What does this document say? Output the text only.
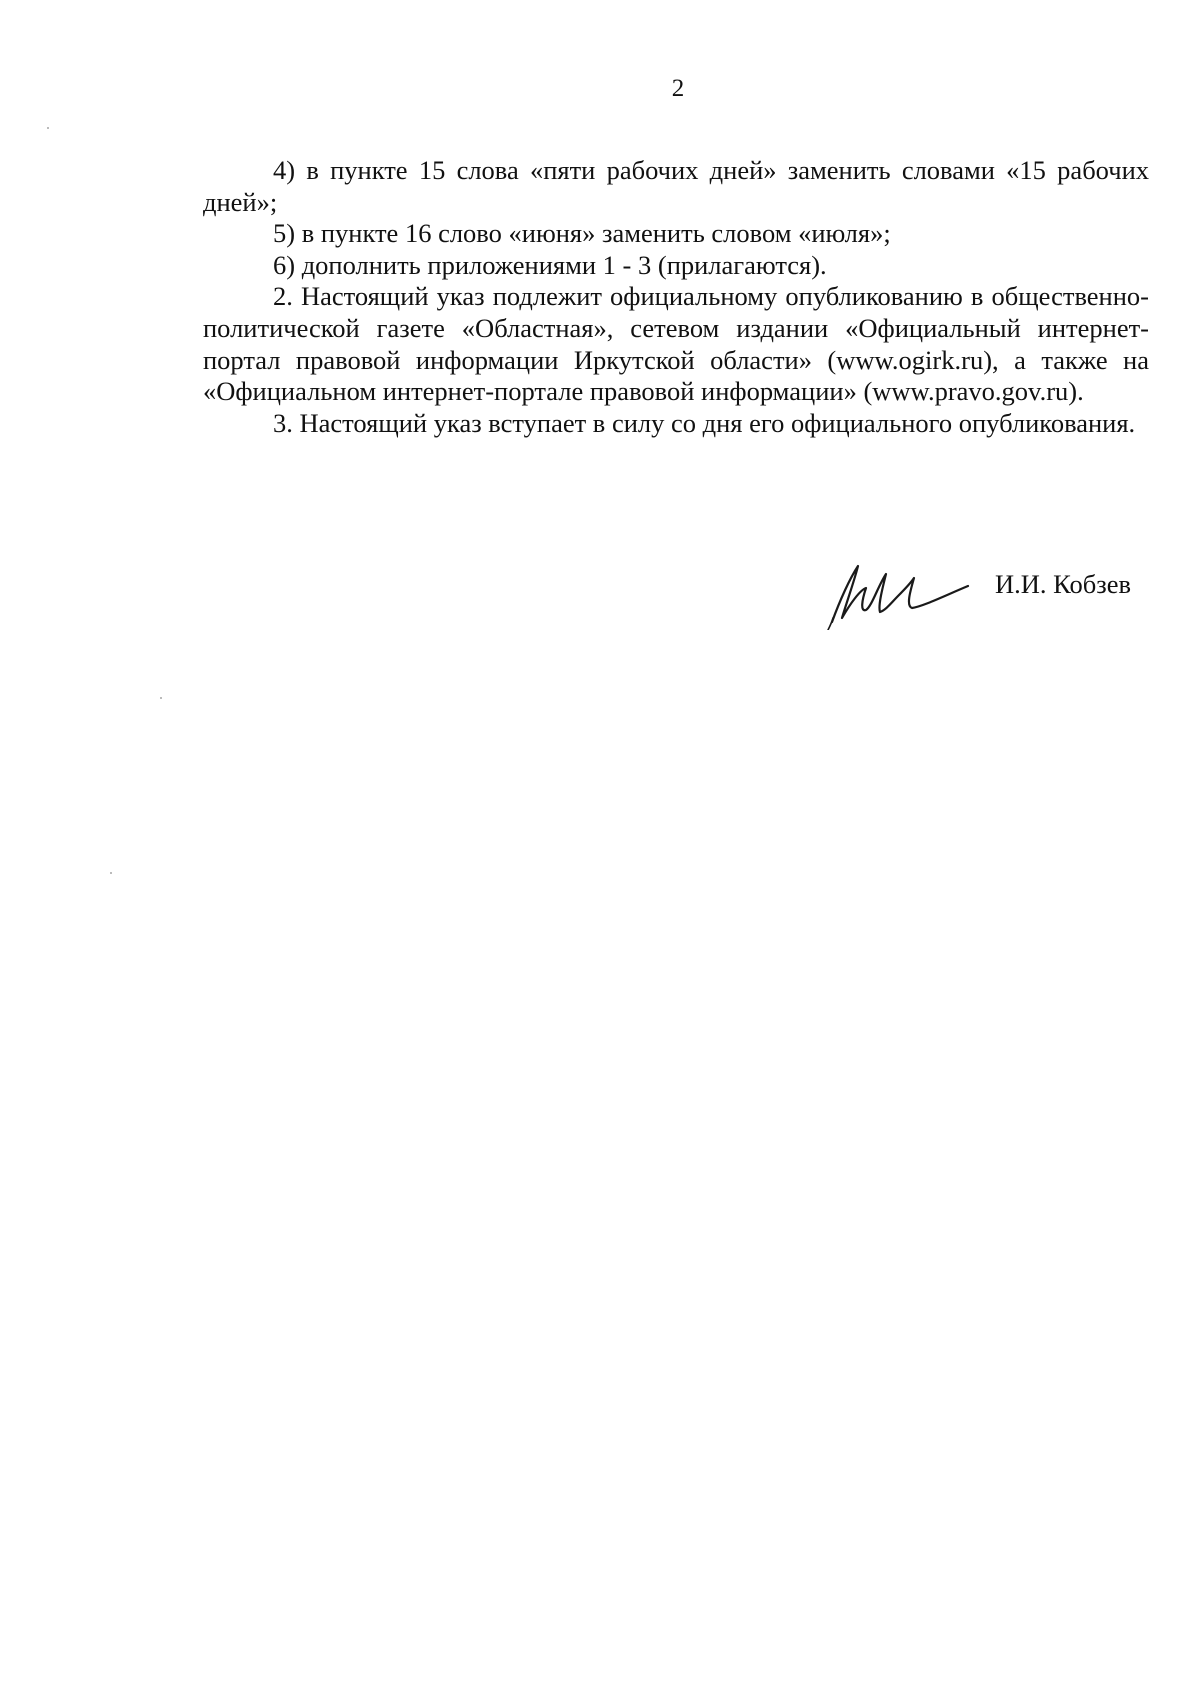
2

4) в пункте 15 слова «пяти рабочих дней» заменить словами «15 рабочих дней»;

5) в пункте 16 слово «июня» заменить словом «июля»;

6) дополнить приложениями 1 - 3 (прилагаются).

2. Настоящий указ подлежит официальному опубликованию в общественно-политической газете «Областная», сетевом издании «Официальный интернет-портал правовой информации Иркутской области» (www.ogirk.ru), а также на «Официальном интернет-портале правовой информации» (www.pravo.gov.ru).

3. Настоящий указ вступает в силу со дня его официального опубликования.

И.И. Кобзев
